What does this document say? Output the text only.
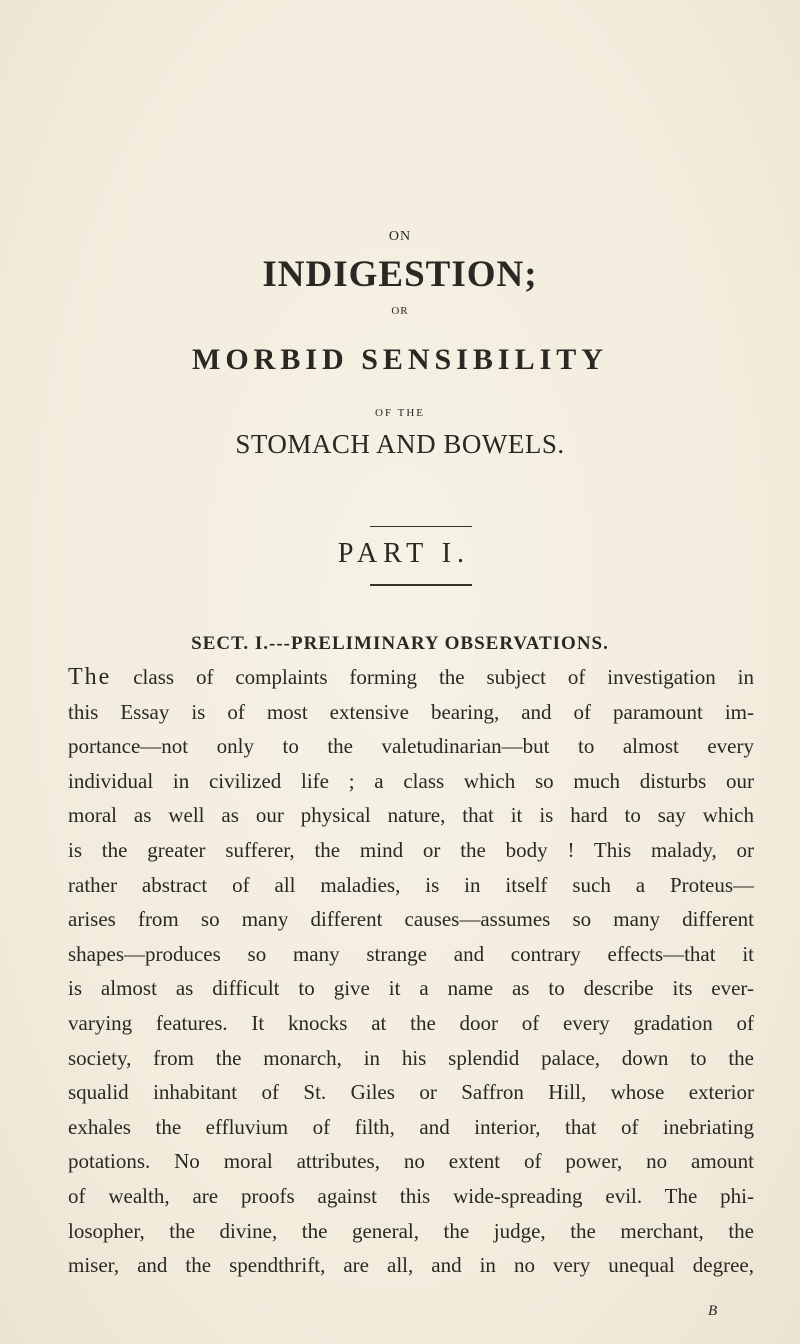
ON
INDIGESTION;
OR
MORBID SENSIBILITY
OF THE
STOMACH AND BOWELS.
PART I.
SECT. I.---PRELIMINARY OBSERVATIONS.
The class of complaints forming the subject of investigation in
this Essay is of most extensive bearing, and of paramount im-
portance—not only to the valetudinarian—but to almost every
individual in civilized life ; a class which so much disturbs our
moral as well as our physical nature, that it is hard to say which
is the greater sufferer, the mind or the body ! This malady, or
rather abstract of all maladies, is in itself such a Proteus—
arises from so many different causes—assumes so many different
shapes—produces so many strange and contrary effects—that it
is almost as difficult to give it a name as to describe its ever-
varying features. It knocks at the door of every gradation of
society, from the monarch, in his splendid palace, down to the
squalid inhabitant of St. Giles or Saffron Hill, whose exterior
exhales the effluvium of filth, and interior, that of inebriating
potations. No moral attributes, no extent of power, no amount
of wealth, are proofs against this wide-spreading evil. The phi-
losopher, the divine, the general, the judge, the merchant, the
miser, and the spendthrift, are all, and in no very unequal degree,
B
